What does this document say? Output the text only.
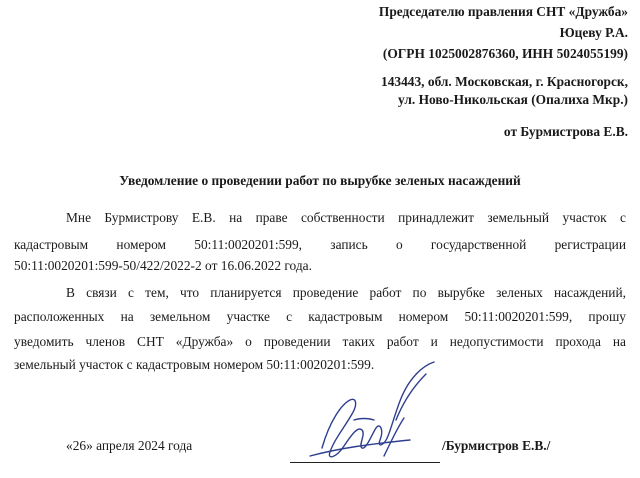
Председателю правления СНТ «Дружба»
Юцеву Р.А.
(ОГРН 1025002876360, ИНН 5024055199)
143443, обл. Московская, г. Красногорск,
ул. Ново-Никольская (Опалиха Мкр.)
от Бурмистрова Е.В.
Уведомление о проведении работ по вырубке зеленых насаждений
Мне Бурмистрову Е.В. на праве собственности принадлежит земельный участок с
кадастровым номером 50:11:0020201:599, запись о государственной регистрации
50:11:0020201:599-50/422/2022-2 от 16.06.2022 года.
В связи с тем, что планируется проведение работ по вырубке зеленых насаждений,
расположенных на земельном участке с кадастровым номером 50:11:0020201:599, прошу
уведомить членов СНТ «Дружба» о проведении таких работ и недопустимости прохода на
земельный участок с кадастровым номером 50:11:0020201:599.
«26» апреля 2024 года	/Бурмистров Е.В./
